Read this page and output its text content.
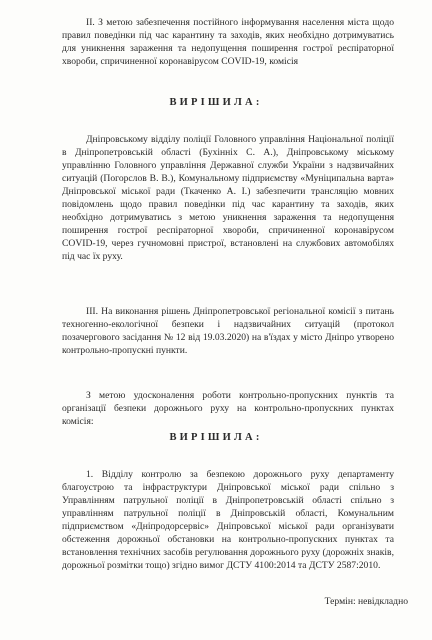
II. З метою забезпечення постійного інформування населення міста щодо правил поведінки під час карантину та заходів, яких необхідно дотримуватись для уникнення зараження та недопущення поширення гострої респіраторної хвороби, спричиненної коронавірусом COVID-19, комісія

ВИРІШИЛА:

Дніпровському відділу поліції Головного управління Національної поліції в Дніпропетровській області (Бухінніх С. А.), Дніпровському міському управлінню Головного управління Державної служби України з надзвичайних ситуацій (Погорслов В. В.), Комунальному підприємству «Муніципальна варта» Дніпровської міської ради (Ткаченко А. І.) забезпечити трансляцію мовних повідомлень щодо правил поведінки під час карантину та заходів, яких необхідно дотримуватись з метою уникнення зараження та недопущення поширення гострої респіраторної хвороби, спричиненної коронавірусом COVID-19, через гучномовні пристрої, встановлені на службових автомобілях під час їх руху.

III. На виконання рішень Дніпропетровської регіональної комісії з питань техногенно-екологічної безпеки і надзвичайних ситуацій (протокол позачергового засідання № 12 від 19.03.2020) на в'їздах у місто Дніпро утворено контрольно-пропускні пункти.

З метою удосконалення роботи контрольно-пропускних пунктів та організації безпеки дорожнього руху на контрольно-пропускних пунктах комісія:

ВИРІШИЛА:

1. Відділу контролю за безпекою дорожнього руху департаменту благоустрою та інфраструктури Дніпровської міської ради спільно з Управлінням патрульної поліції в Дніпропетровській області спільно з управлінням патрульної поліції в Дніпровській області, Комунальним підприємством «Дніпродорсервіс» Дніпровської міської ради організувати обстеження дорожньої обстановки на контрольно-пропускних пунктах та встановлення технічних засобів регулювання дорожнього руху (дорожніх знаків, дорожньої розмітки тощо) згідно вимог ДСТУ 4100:2014 та ДСТУ 2587:2010.

Термін: невідкладно
